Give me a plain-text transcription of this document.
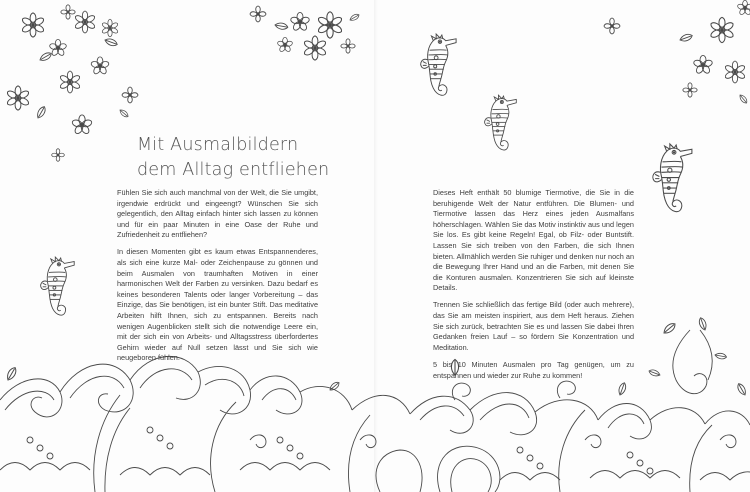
Mit Ausmalbildern
dem Alltag entfliehen

Fühlen Sie sich auch manchmal von der Welt, die Sie umgibt, irgendwie erdrückt und eingeengt? Wünschen Sie sich gelegentlich, den Alltag einfach hinter sich lassen zu können und für ein paar Minuten in eine Oase der Ruhe und Zufriedenheit zu entfliehen?

In diesen Momenten gibt es kaum etwas Entspannenderes, als sich eine kurze Mal- oder Zeichenpause zu gönnen und beim Ausmalen von traumhaften Motiven in einer harmonischen Welt der Farben zu versinken. Dazu bedarf es keines besonderen Talents oder langer Vorbereitung – das Einzige, das Sie benötigen, ist ein bunter Stift. Das meditative Arbeiten hilft Ihnen, sich zu entspannen. Bereits nach wenigen Augenblicken stellt sich die notwendige Leere ein, mit der sich ein von Arbeits- und Alltagsstress überfordertes Gehirn wieder auf Null setzen lässt und Sie sich wie neugeboren fühlen.

Dieses Heft enthält 50 blumige Tiermotive, die Sie in die beruhigende Welt der Natur entführen. Die Blumen- und Tiermotive lassen das Herz eines jeden Ausmalfans höherschlagen. Wählen Sie das Motiv instinktiv aus und legen Sie los. Es gibt keine Regeln! Egal, ob Filz- oder Buntstift. Lassen Sie sich treiben von den Farben, die sich Ihnen bieten. Allmählich werden Sie ruhiger und denken nur noch an die Bewegung Ihrer Hand und an die Farben, mit denen Sie die Konturen ausmalen. Konzentrieren Sie sich auf kleinste Details.

Trennen Sie schließlich das fertige Bild (oder auch mehrere), das Sie am meisten inspiriert, aus dem Heft heraus. Ziehen Sie sich zurück, betrachten Sie es und lassen Sie dabei Ihren Gedanken freien Lauf – so fördern Sie Konzentration und Meditation.

5 bis 10 Minuten Ausmalen pro Tag genügen, um zu entspannen und wieder zur Ruhe zu kommen!
